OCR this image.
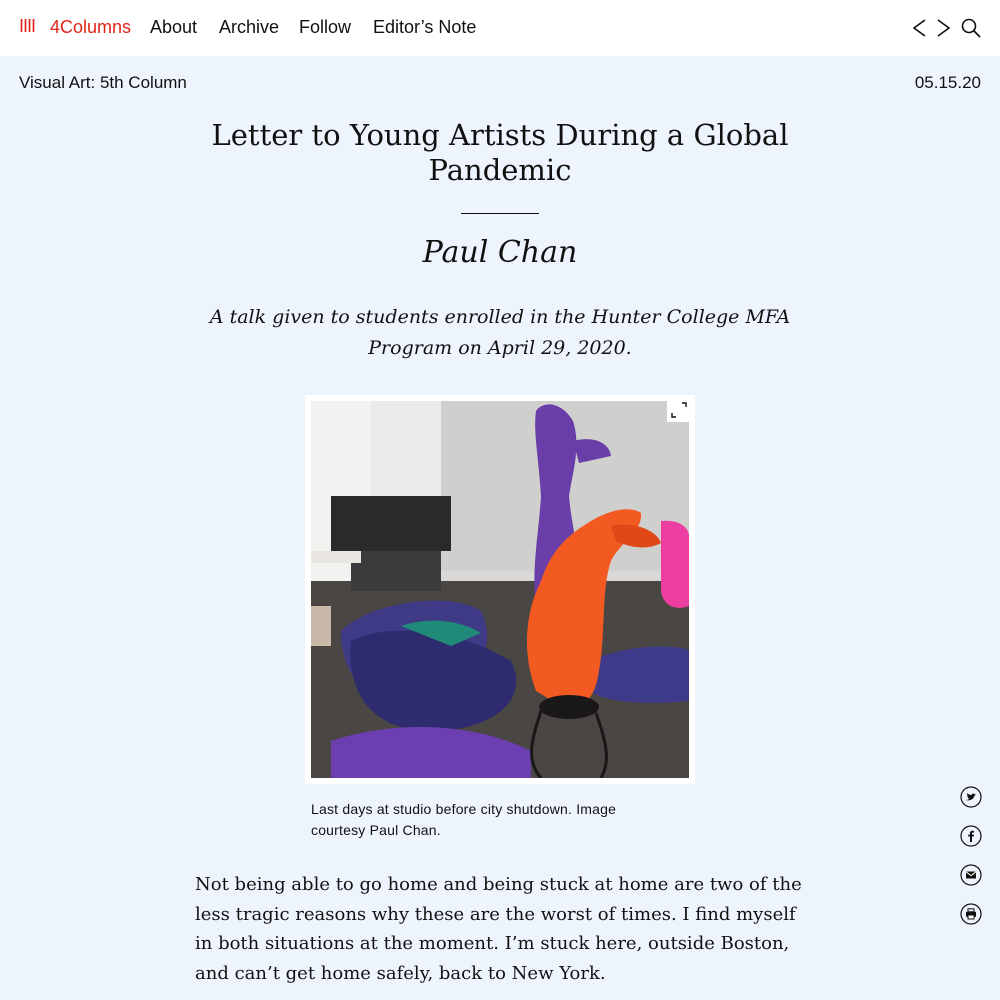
IIII 4Columns About Archive Follow Editor’s Note
Visual Art: 5th Column	05.15.20
Letter to Young Artists During a Global Pandemic
Paul Chan

A talk given to students enrolled in the Hunter College MFA Program on April 29, 2020.

Last days at studio before city shutdown. Image courtesy Paul Chan.

Not being able to go home and being stuck at home are two of the less tragic reasons why these are the worst of times. I find myself in both situations at the moment. I’m stuck here, outside Boston, and can’t get home safely, back to New York.
